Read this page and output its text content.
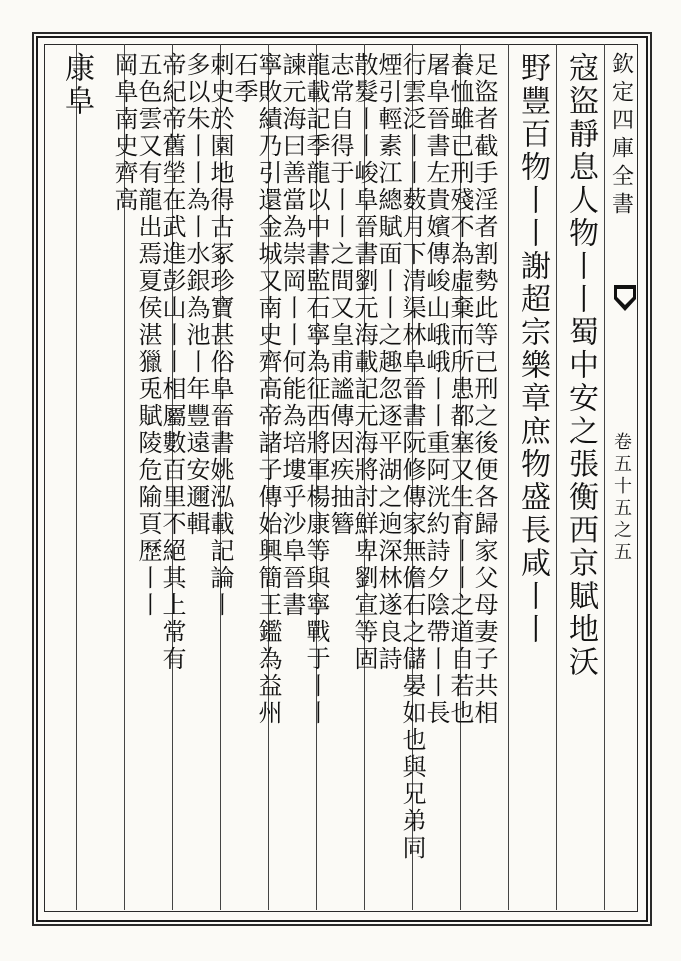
欽定四庫全書
卷五十五之五
寇盜靜息人物丨丨蜀中安之張衡西京賦地沃
野豐百物丨丨謝超宗樂章庶物盛長咸丨丨
足盜者截手淫者割勢此等已刑之後便各歸家父母妻子共相
養恤雖已刑殘不為虛棄而所患都塞又生育丨丨之道自若也
屠阜晉書左貴嬪傳峻山峨峨丨丨重阿洸約詩夕陰帶丨丨長
行雲泛丨丨薮月下清渠林阜晉書阮修傳家無儋石之儲晏如也與兄弟同
煙引輕素江總賦面丨丨之趣忽逐平湖之逈深林遂良詩
散髮丨丨峻阜晉書劉元海載記元海將討鮮卑劉宣等固
志常自得于丨丨之間又皇甫謐傳因疾抽簪
龍載記季龍以中書監石寧為征西將軍楊康等與寧戰于丨丨
諫元海曰善當為崇岡丨丨何能為培塿乎沙阜晉書
寧敗績乃引還金城又南史齊高帝諸子傳始興簡王鑑為益州
石季
刺史於園地得古冢珍寶甚俗阜晉書姚泓載記論丨
多以朱丨丨為丨水銀為池丨年豐遠安邇輯
帝紀帝舊塋在武進彭山丨丨相屬數百里不絕其上常有
五色雲又有龍出焉夏侯湛獵兎賦陵危隃頁歷丨丨
岡阜南史齊高
康阜
